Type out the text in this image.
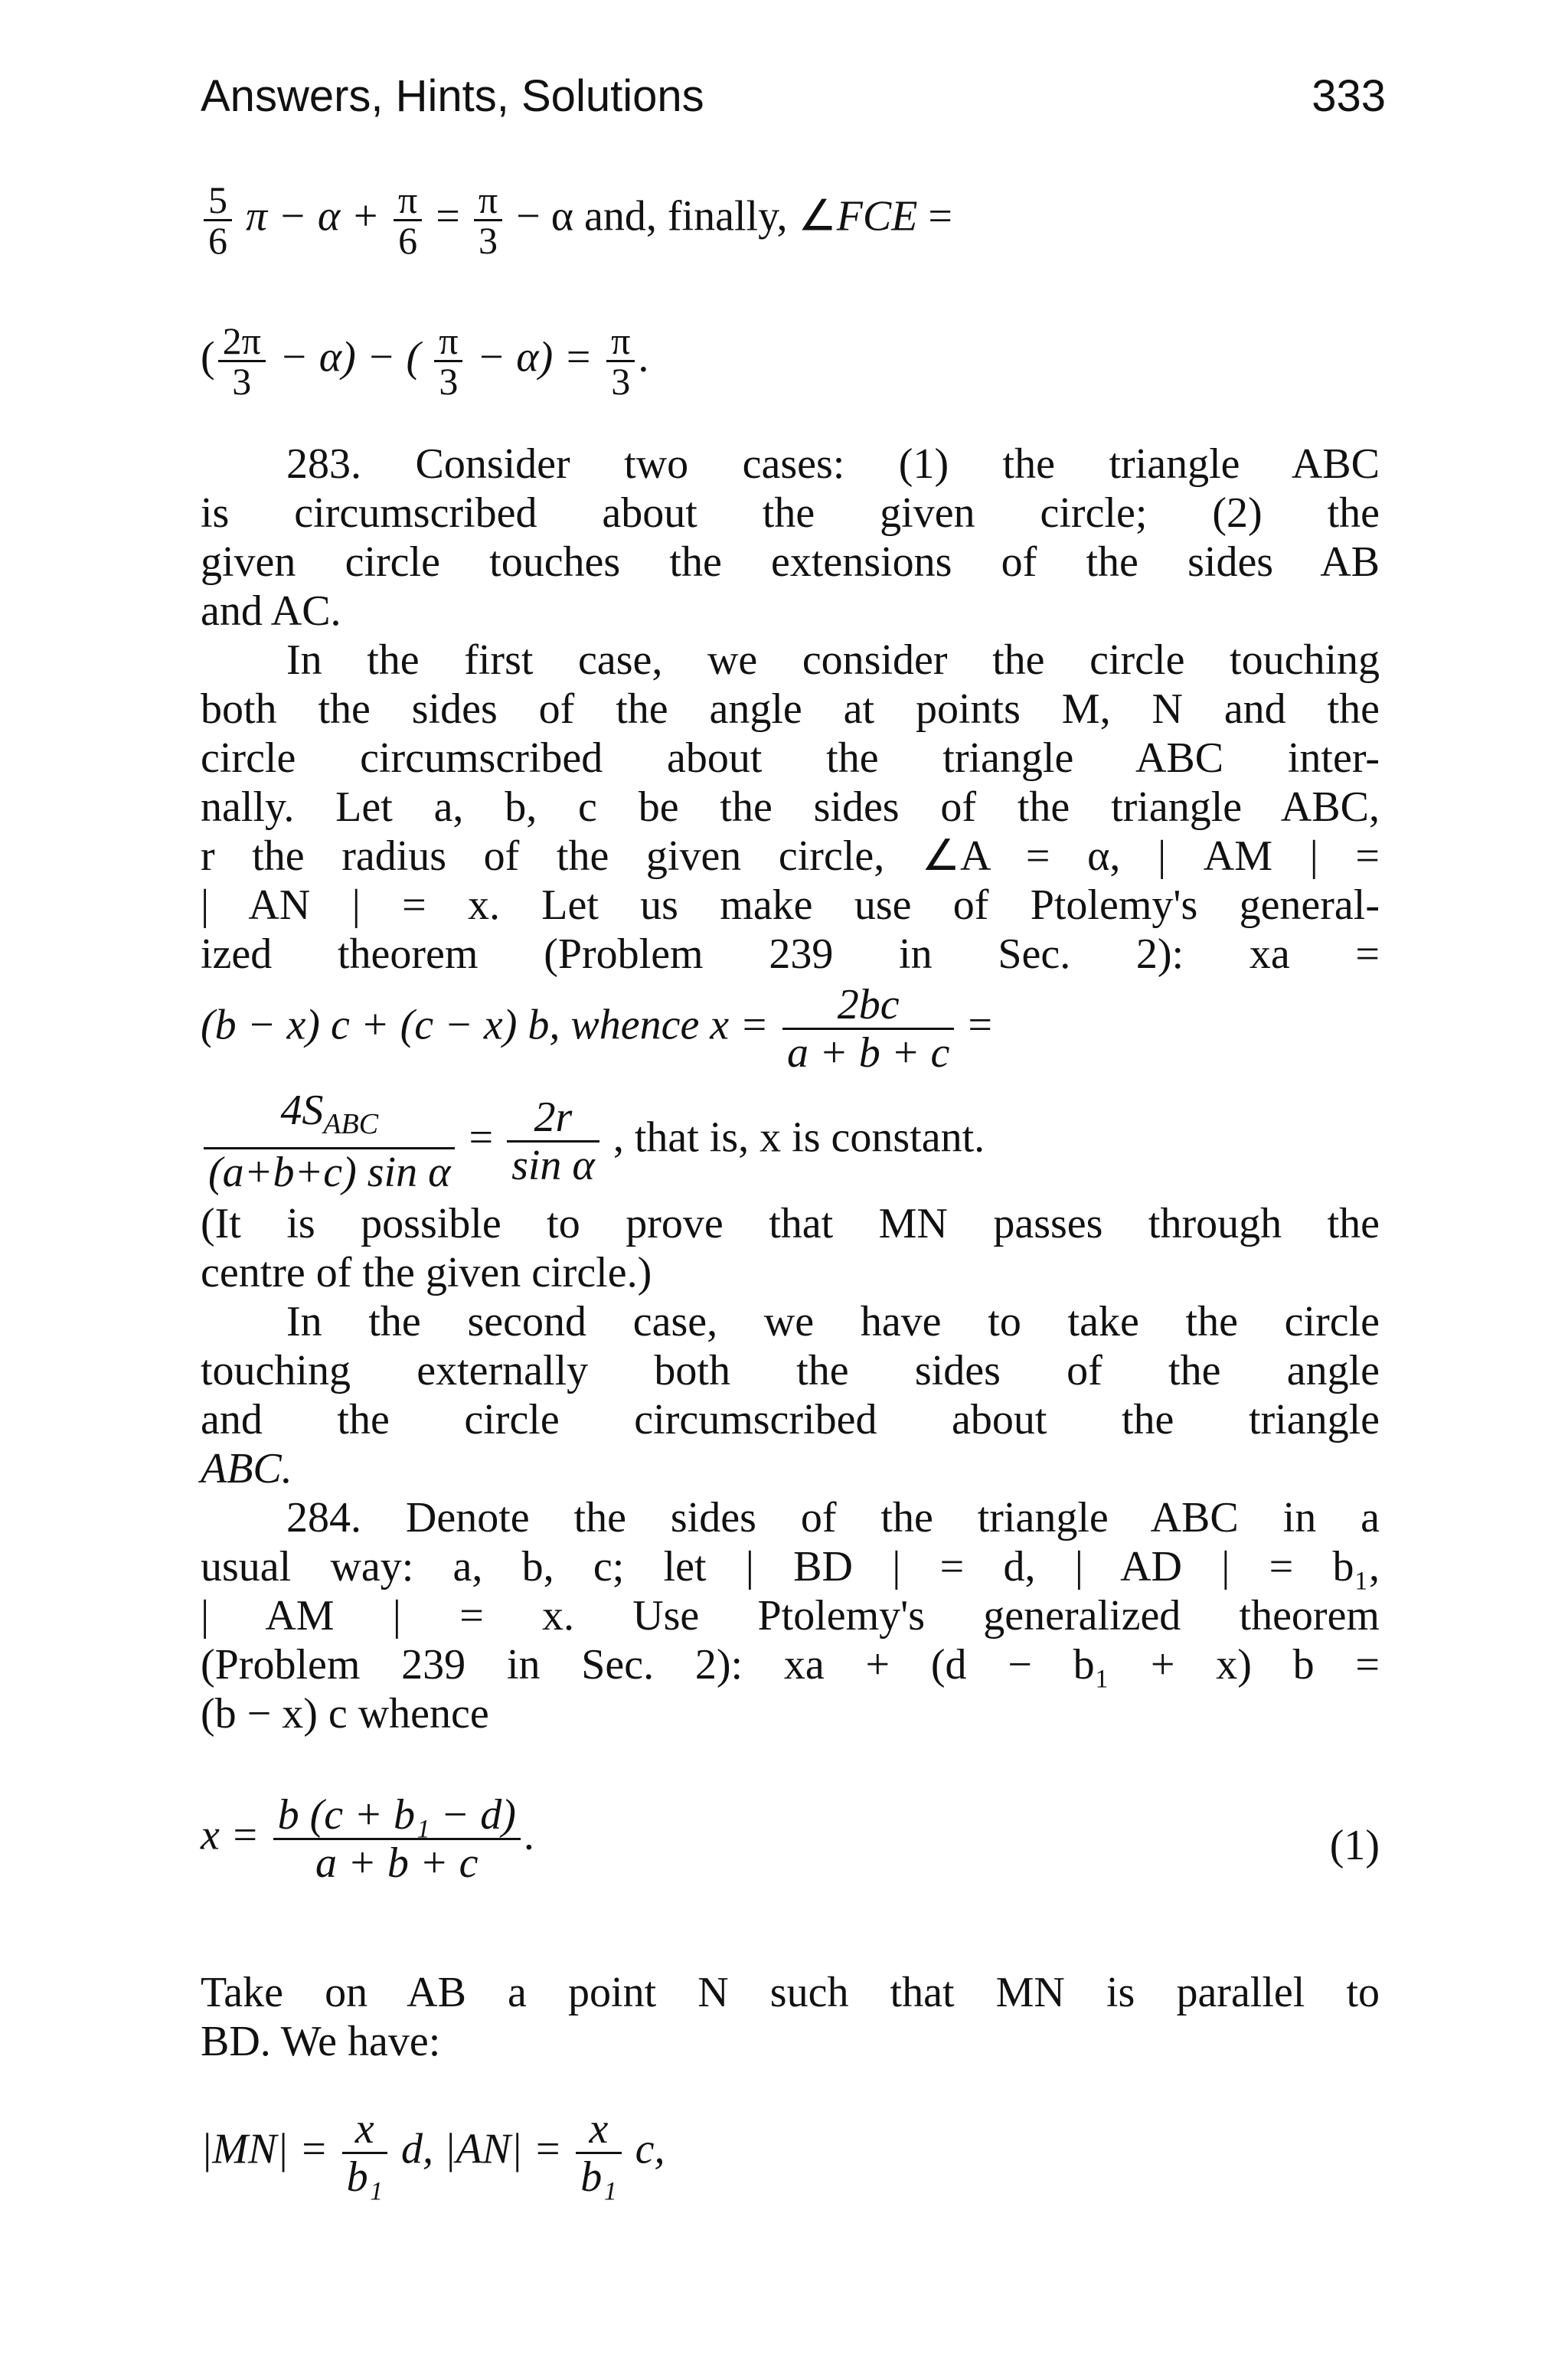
Answers, Hints, Solutions	333
$\frac{5}{6}$ $\pi - \alpha + \frac{\pi}{6} = \frac{\pi}{3} - \alpha$ and, finally, ∠FCE =
( $\frac{2\pi}{3} - \alpha$) − ( $\frac{\pi}{3} - \alpha) = \frac{\pi}{3}$ .
283. Consider two cases: (1) the triangle ABC
is circumscribed about the given circle; (2) the
given circle touches the extensions of the sides AB
and AC.
In the first case, we consider the circle touching
both the sides of the angle at points M, N and the
circle circumscribed about the triangle ABC inter-
nally. Let a, b, c be the sides of the triangle ABC,
r the radius of the given circle, ∠A = α, | AM | =
| AN | = x. Let us make use of Ptolemy's general-
ized theorem (Problem 239 in Sec. 2): xa =
(b − x) c + (c − x) b, whence $x = \frac{2bc}{a + b + c}$ =
$\frac{4S_{ABC}}{\text{(a+b+c) sin α}} = \frac{2r}{\text{sin α}}$ , that is, x is constant.
(It is possible to prove that MN passes through the
centre of the given circle.)
In the second case, we have to take the circle
touching externally both the sides of the angle
and the circle circumscribed about the triangle
ABC.
284. Denote the sides of the triangle ABC in a
usual way: a, b, c; let | BD | = d, | AD | = b₁,
| AM | = x. Use Ptolemy's generalized theorem
(Problem 239 in Sec. 2): xa + (d − b₁ + x) b =
(b − x) c whence
$x = \frac{\text{b (c + b₁ − d)}}{a + b + c}$ .	(1)
Take on AB a point N such that MN is parallel to
BD. We have:
$|MN| = \frac{x}{\text{b₁}} d$, $|AN| = \frac{x}{\text{b₁}} c$,
